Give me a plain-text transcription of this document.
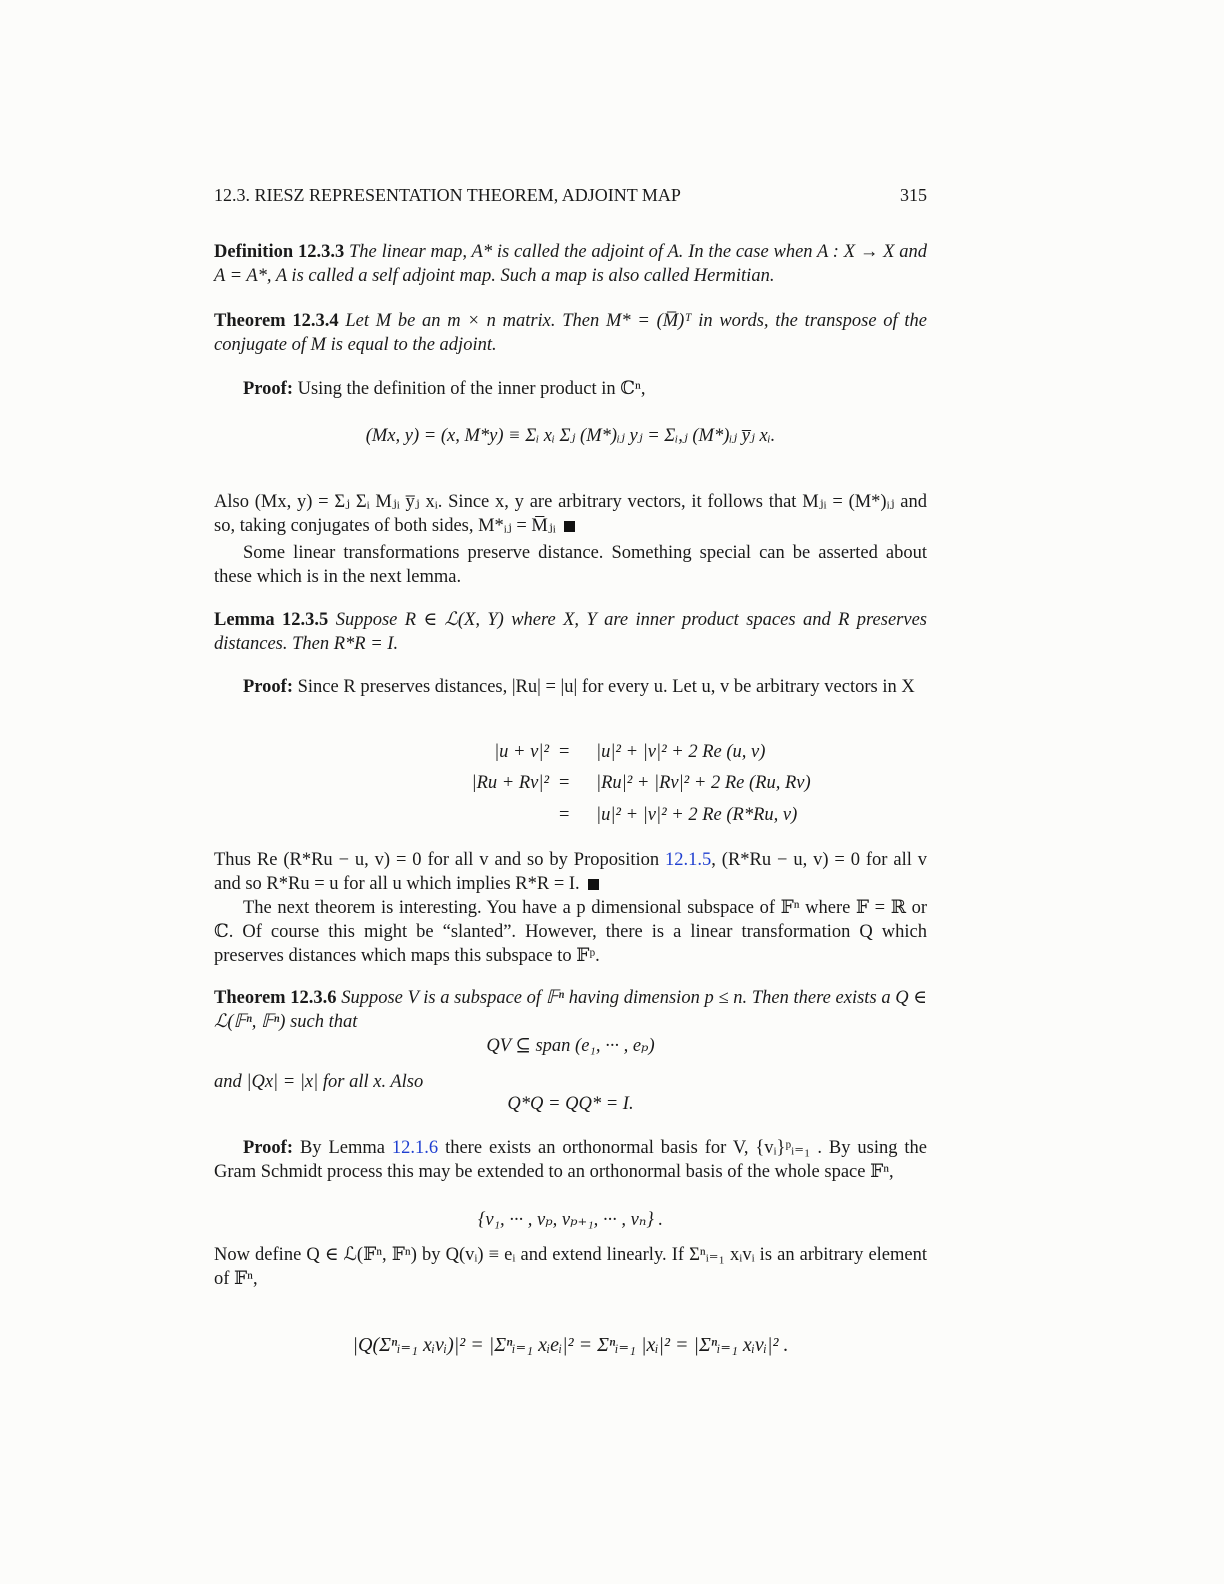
12.3. RIESZ REPRESENTATION THEOREM, ADJOINT MAP	315
Definition 12.3.3 The linear map, A* is called the adjoint of A. In the case when A : X → X and A = A*, A is called a self adjoint map. Such a map is also called Hermitian.
Theorem 12.3.4 Let M be an m × n matrix. Then M* = (M̅)ᵀ in words, the transpose of the conjugate of M is equal to the adjoint.
Proof: Using the definition of the inner product in ℂⁿ,
(Mx, y) = (x, M*y) ≡ Σᵢ xᵢ Σⱼ (M*)ᵢⱼ yⱼ = Σᵢ,ⱼ (M*)ᵢⱼ y̅ⱼ xᵢ.
Also (Mx, y) = Σⱼ Σᵢ Mⱼᵢ y̅ⱼ xᵢ. Since x, y are arbitrary vectors, it follows that Mⱼᵢ = (M*)ᵢⱼ and so, taking conjugates of both sides, M*ᵢⱼ = M̅ⱼᵢ
Some linear transformations preserve distance. Something special can be asserted about these which is in the next lemma.
Lemma 12.3.5 Suppose R ∈ ℒ(X, Y) where X, Y are inner product spaces and R preserves distances. Then R*R = I.
Proof: Since R preserves distances, |Ru| = |u| for every u. Let u, v be arbitrary vectors in X
|u + v|² = |u|² + |v|² + 2 Re (u, v)
|Ru + Rv|² = |Ru|² + |Rv|² + 2 Re (Ru, Rv)
= |u|² + |v|² + 2 Re (R*Ru, v)
Thus Re (R*Ru − u, v) = 0 for all v and so by Proposition 12.1.5, (R*Ru − u, v) = 0 for all v and so R*Ru = u for all u which implies R*R = I.
The next theorem is interesting. You have a p dimensional subspace of 𝔽ⁿ where 𝔽 = ℝ or ℂ. Of course this might be “slanted”. However, there is a linear transformation Q which preserves distances which maps this subspace to 𝔽ᵖ.
Theorem 12.3.6 Suppose V is a subspace of 𝔽ⁿ having dimension p ≤ n. Then there exists a Q ∈ ℒ(𝔽ⁿ, 𝔽ⁿ) such that
QV ⊆ span (e₁, ··· , eₚ)
and |Qx| = |x| for all x. Also
Q*Q = QQ* = I.
Proof: By Lemma 12.1.6 there exists an orthonormal basis for V, {vᵢ}ᵖᵢ₌₁ . By using the Gram Schmidt process this may be extended to an orthonormal basis of the whole space 𝔽ⁿ,
{v₁, ··· , vₚ, vₚ₊₁, ··· , vₙ} .
Now define Q ∈ ℒ(𝔽ⁿ, 𝔽ⁿ) by Q(vᵢ) ≡ eᵢ and extend linearly. If Σⁿᵢ₌₁ xᵢvᵢ is an arbitrary element of 𝔽ⁿ,
|Q(Σⁿᵢ₌₁ xᵢvᵢ)|² = |Σⁿᵢ₌₁ xᵢeᵢ|² = Σⁿᵢ₌₁ |xᵢ|² = |Σⁿᵢ₌₁ xᵢvᵢ|² .
